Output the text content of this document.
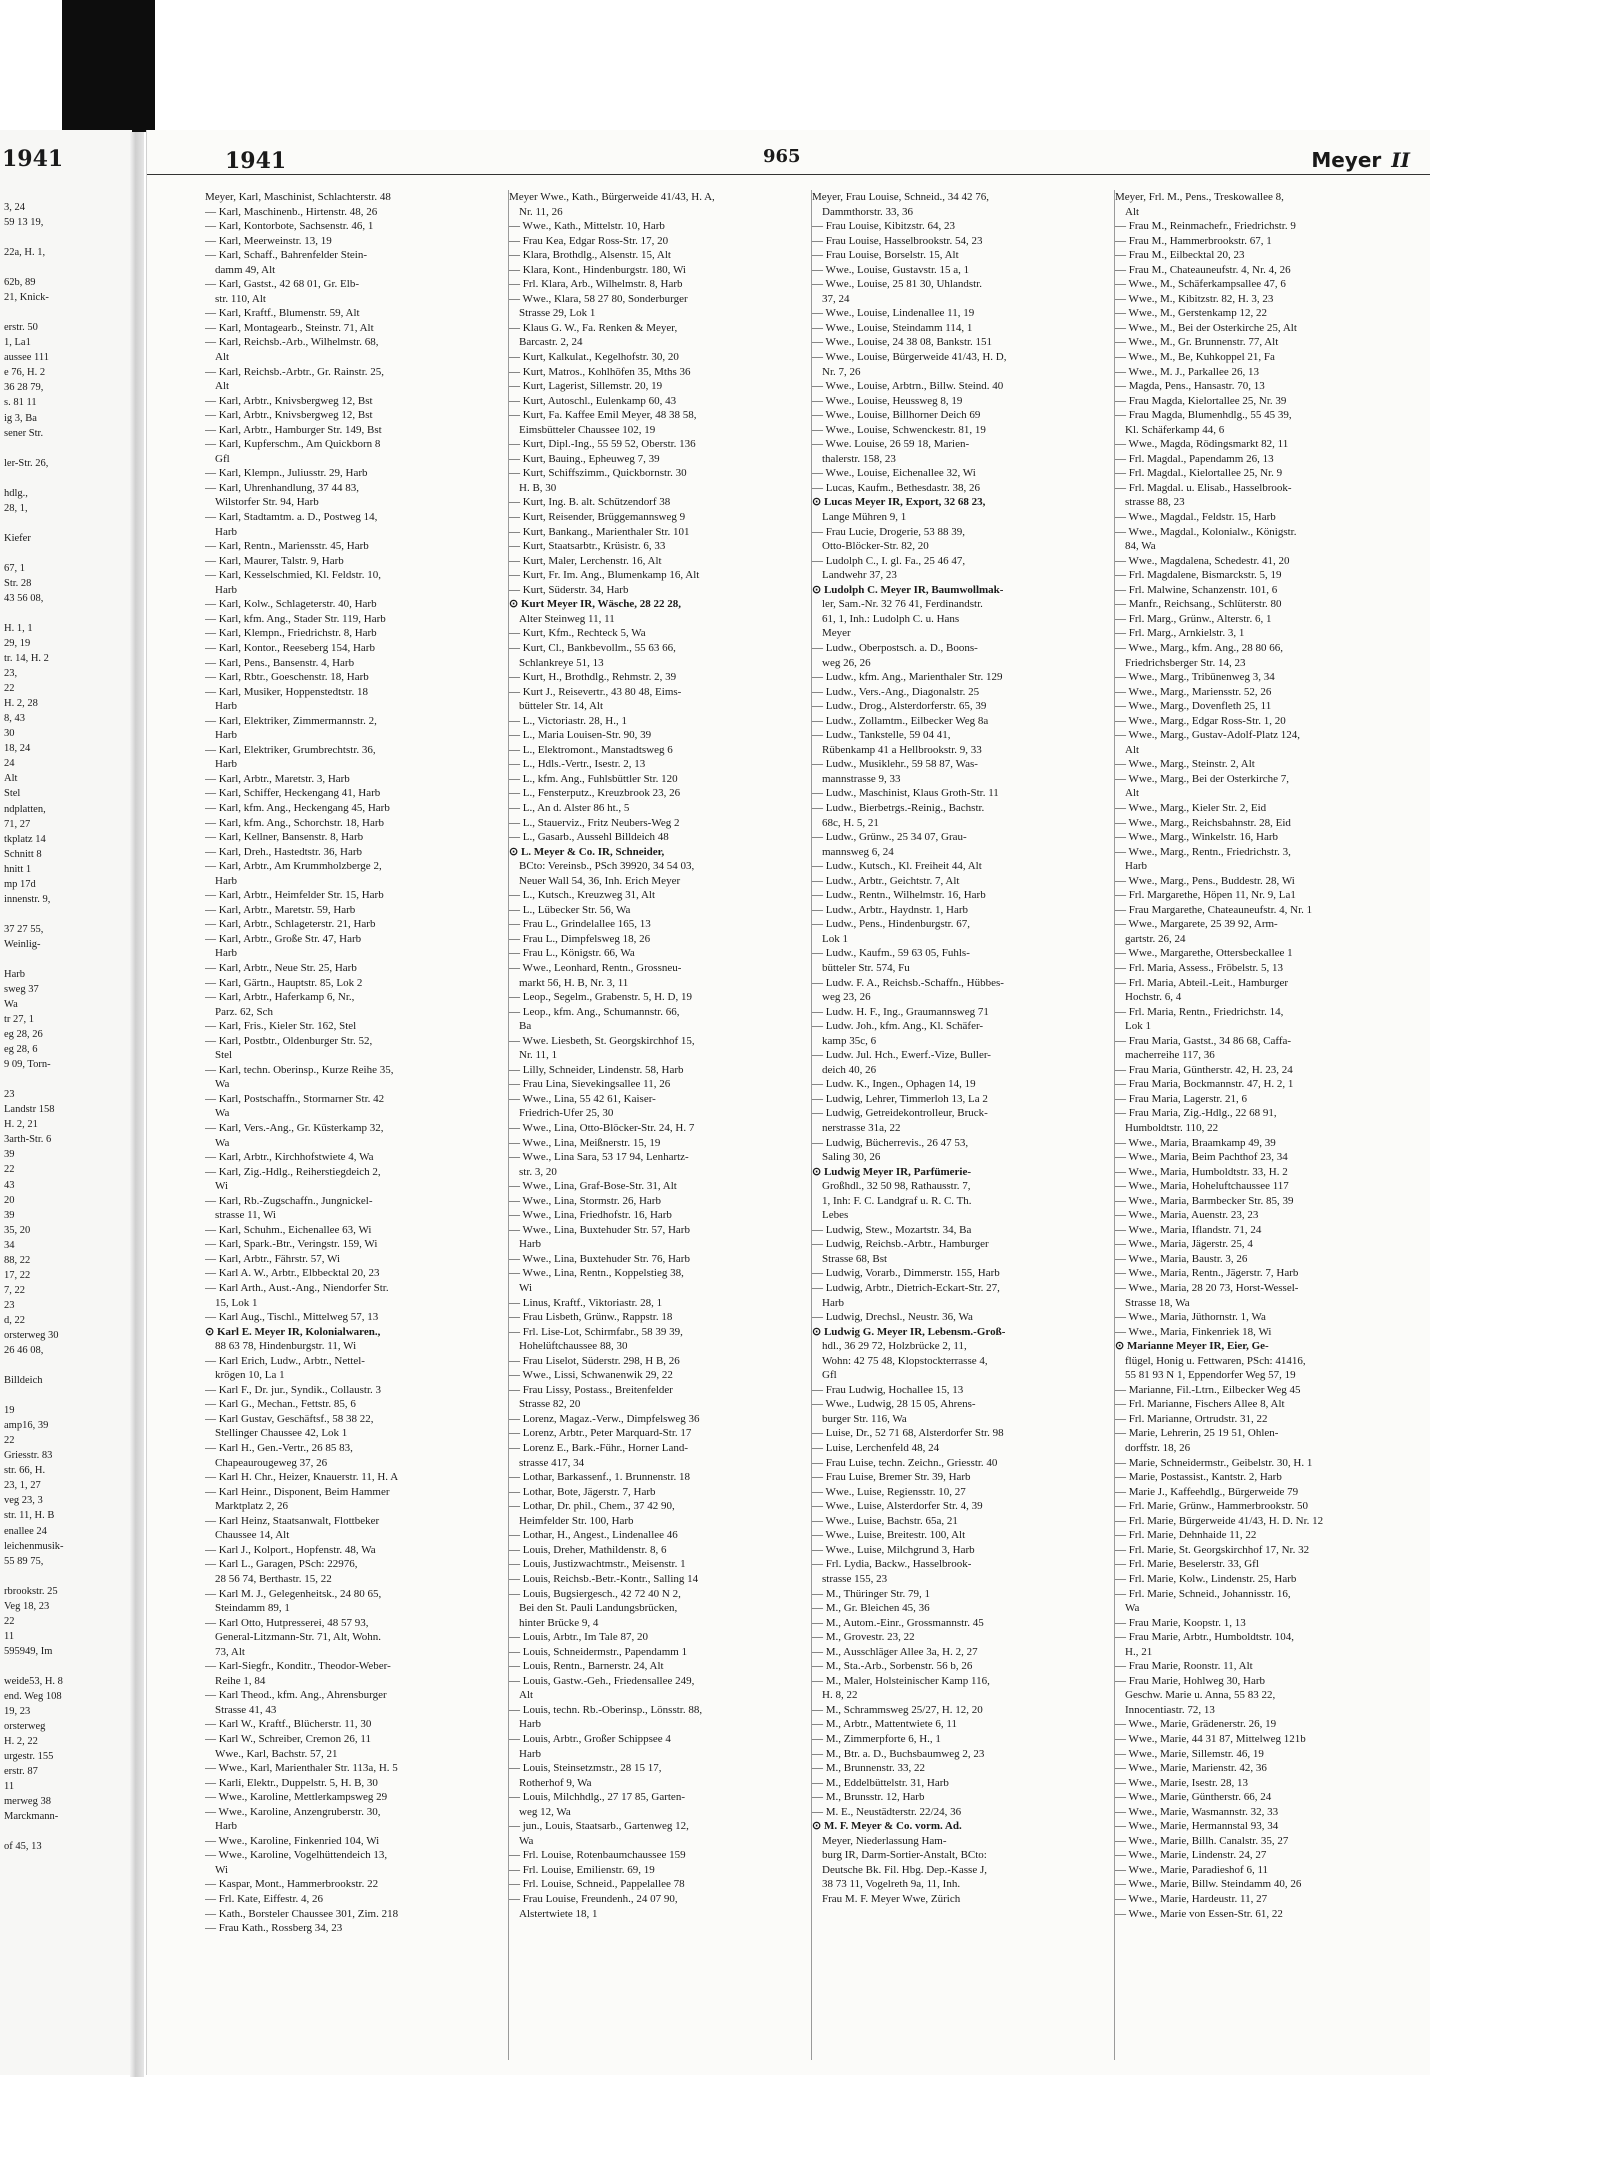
1941
3, 24
59 13 19,
22a, H. 1,
62b, 89
21, Knick-
erstr. 50
1, La1
aussee 111
e 76, H. 2
36 28 79,
s. 81 11
ig 3, Ba
sener Str.
ler-Str. 26,
hdlg.,
28, 1,
Kiefer
67, 1
Str. 28
43 56 08,
H. 1, 1
29, 19
tr. 14, H. 2
23,
22
H. 2, 28
8, 43
30
18, 24
24
Alt
Stel
ndplatten,
71, 27
tkplatz 14
Schnitt 8
hnitt 1
mp 17d
innenstr. 9,
37 27 55,
Weinlig-
Harb
sweg 37
Wa
tr 27, 1
eg 28, 26
eg 28, 6
9 09, Torn-
23
Landstr 158
H. 2, 21
3arth-Str. 6
39
22
43
20
39
35, 20
34
88, 22
17, 22
7, 22
23
d, 22
orsterweg 30
26 46 08,
Billdeich
19
amp16, 39
22
Griesstr. 83
str. 66, H.
23, 1, 27
veg 23, 3
str. 11, H. B
enallee 24
leichenmusik-
55 89 75,
rbrookstr. 25
Veg 18, 23
22
11
595949, Im
weide53, H. 8
end. Weg 108
19, 23
orsterweg
H. 2, 22
urgestr. 155
erstr. 87
11
merweg 38
Marckmann-
of 45, 13
1941	965	Meyer II
Meyer, Karl, Maschinist, Schlachterstr. 48
— Karl, Maschinenb., Hirtenstr. 48, 26
— Karl, Kontorbote, Sachsenstr. 46, 1
— Karl, Meerweinstr. 13, 19
— Karl, Schaff., Bahrenfelder Stein-
damm 49, Alt
— Karl, Gastst., 42 68 01, Gr. Elb-
str. 110, Alt
— Karl, Kraftf., Blumenstr. 59, Alt
— Karl, Montagearb., Steinstr. 71, Alt
— Karl, Reichsb.-Arb., Wilhelmstr. 68,
Alt
— Karl, Reichsb.-Arbtr., Gr. Rainstr. 25,
Alt
— Karl, Arbtr., Knivsbergweg 12, Bst
— Karl, Arbtr., Knivsbergweg 12, Bst
— Karl, Arbtr., Hamburger Str. 149, Bst
— Karl, Kupferschm., Am Quickborn 8
Gfl
— Karl, Klempn., Juliusstr. 29, Harb
— Karl, Uhrenhandlung, 37 44 83,
Wilstorfer Str. 94, Harb
— Karl, Stadtamtm. a. D., Postweg 14,
Harb
— Karl, Rentn., Mariensstr. 45, Harb
— Karl, Maurer, Talstr. 9, Harb
— Karl, Kesselschmied, Kl. Feldstr. 10,
Harb
— Karl, Kolw., Schlageterstr. 40, Harb
— Karl, kfm. Ang., Stader Str. 119, Harb
— Karl, Klempn., Friedrichstr. 8, Harb
— Karl, Kontor., Reeseberg 154, Harb
— Karl, Pens., Bansenstr. 4, Harb
— Karl, Rbtr., Goeschenstr. 18, Harb
— Karl, Musiker, Hoppenstedtstr. 18
Harb
— Karl, Elektriker, Zimmermannstr. 2,
Harb
— Karl, Elektriker, Grumbrechtstr. 36,
Harb
— Karl, Arbtr., Maretstr. 3, Harb
— Karl, Schiffer, Heckengang 41, Harb
— Karl, kfm. Ang., Heckengang 45, Harb
— Karl, kfm. Ang., Schorchstr. 18, Harb
— Karl, Kellner, Bansenstr. 8, Harb
— Karl, Dreh., Hastedtstr. 36, Harb
— Karl, Arbtr., Am Krummholzberge 2,
Harb
— Karl, Arbtr., Heimfelder Str. 15, Harb
— Karl, Arbtr., Maretstr. 59, Harb
— Karl, Arbtr., Schlageterstr. 21, Harb
— Karl, Arbtr., Große Str. 47, Harb
Harb
— Karl, Arbtr., Neue Str. 25, Harb
— Karl, Gärtn., Hauptstr. 85, Lok 2
— Karl, Arbtr., Haferkamp 6, Nr.,
Parz. 62, Sch
— Karl, Fris., Kieler Str. 162, Stel
— Karl, Postbtr., Oldenburger Str. 52,
Stel
— Karl, techn. Oberinsp., Kurze Reihe 35,
Wa
— Karl, Postschaffn., Stormarner Str. 42
Wa
— Karl, Vers.-Ang., Gr. Küsterkamp 32,
Wa
— Karl, Arbtr., Kirchhofstwiete 4, Wa
— Karl, Zig.-Hdlg., Reiherstiegdeich 2,
Wi
— Karl, Rb.-Zugschaffn., Jungnickel-
strasse 11, Wi
— Karl, Schuhm., Eichenallee 63, Wi
— Karl, Spark.-Btr., Veringstr. 159, Wi
— Karl, Arbtr., Fährstr. 57, Wi
— Karl A. W., Arbtr., Elbbecktal 20, 23
— Karl Arth., Aust.-Ang., Niendorfer Str.
15, Lok 1
— Karl Aug., Tischl., Mittelweg 57, 13
⊙ Karl E. Meyer IR, Kolonialwaren.,
88 63 78, Hindenburgstr. 11, Wi
— Karl Erich, Ludw., Arbtr., Nettel-
krögen 10, La 1
— Karl F., Dr. jur., Syndik., Collaustr. 3
— Karl G., Mechan., Fettstr. 85, 6
— Karl Gustav, Geschäftsf., 58 38 22,
Stellinger Chaussee 42, Lok 1
— Karl H., Gen.-Vertr., 26 85 83,
Chapeaurougeweg 37, 26
— Karl H. Chr., Heizer, Knauerstr. 11, H. A
— Karl Heinr., Disponent, Beim Hammer
Marktplatz 2, 26
— Karl Heinz, Staatsanwalt, Flottbeker
Chaussee 14, Alt
— Karl J., Kolport., Hopfenstr. 48, Wa
— Karl L., Garagen, PSch: 22976,
28 56 74, Berthastr. 15, 22
— Karl M. J., Gelegenheitsk., 24 80 65,
Steindamm 89, 1
— Karl Otto, Hutpresserei, 48 57 93,
General-Litzmann-Str. 71, Alt, Wohn.
73, Alt
— Karl-Siegfr., Konditr., Theodor-Weber-
Reihe 1, 84
— Karl Theod., kfm. Ang., Ahrensburger
Strasse 41, 43
— Karl W., Kraftf., Blücherstr. 11, 30
— Karl W., Schreiber, Cremon 26, 11
Wwe., Karl, Bachstr. 57, 21
— Wwe., Karl, Marienthaler Str. 113a, H. 5
— Karli, Elektr., Duppelstr. 5, H. B, 30
— Wwe., Karoline, Mettlerkampsweg 29
— Wwe., Karoline, Anzengruberstr. 30,
Harb
— Wwe., Karoline, Finkenried 104, Wi
— Wwe., Karoline, Vogelhüttendeich 13,
Wi
— Kaspar, Mont., Hammerbrookstr. 22
— Frl. Kate, Eiffestr. 4, 26
— Kath., Borsteler Chaussee 301, Zim. 218
— Frau Kath., Rossberg 34, 23
Meyer Wwe., Kath., Bürgerweide 41/43, H. A,
Nr. 11, 26
— Wwe., Kath., Mittelstr. 10, Harb
— Frau Kea, Edgar Ross-Str. 17, 20
— Klara, Brothdlg., Alsenstr. 15, Alt
— Klara, Kont., Hindenburgstr. 180, Wi
— Frl. Klara, Arb., Wilhelmstr. 8, Harb
— Wwe., Klara, 58 27 80, Sonderburger
Strasse 29, Lok 1
— Klaus G. W., Fa. Renken & Meyer,
Barcastr. 2, 24
— Kurt, Kalkulat., Kegelhofstr. 30, 20
— Kurt, Matros., Kohlhöfen 35, Mths 36
— Kurt, Lagerist, Sillemstr. 20, 19
— Kurt, Autoschl., Eulenkamp 60, 43
— Kurt, Fa. Kaffee Emil Meyer, 48 38 58,
Eimsbütteler Chaussee 102, 19
— Kurt, Dipl.-Ing., 55 59 52, Oberstr. 136
— Kurt, Bauing., Epheuweg 7, 39
— Kurt, Schiffszimm., Quickbornstr. 30
H. B, 30
— Kurt, Ing. B. alt. Schützendorf 38
— Kurt, Reisender, Brüggemannsweg 9
— Kurt, Bankang., Marienthaler Str. 101
— Kurt, Staatsarbtr., Krüsistr. 6, 33
— Kurt, Maler, Lerchenstr. 16, Alt
— Kurt, Fr. Im. Ang., Blumenkamp 16, Alt
— Kurt, Süderstr. 34, Harb
⊙ Kurt Meyer IR, Wäsche, 28 22 28,
Alter Steinweg 11, 11
— Kurt, Kfm., Rechteck 5, Wa
— Kurt, Cl., Bankbevollm., 55 63 66,
Schlankreye 51, 13
— Kurt, H., Brothdlg., Rehmstr. 2, 39
— Kurt J., Reisevertr., 43 80 48, Eims-
bütteler Str. 14, Alt
— L., Victoriastr. 28, H., 1
— L., Maria Louisen-Str. 90, 39
— L., Elektromont., Manstadtsweg 6
— L., Hdls.-Vertr., Isestr. 2, 13
— L., kfm. Ang., Fuhlsbüttler Str. 120
— L., Fensterputz., Kreuzbrook 23, 26
— L., An d. Alster 86 ht., 5
— L., Stauerviz., Fritz Neubers-Weg 2
— L., Gasarb., Aussehl Billdeich 48
⊙ L. Meyer & Co. IR, Schneider,
BCto: Vereinsb., PSch 39920, 34 54 03,
Neuer Wall 54, 36, Inh. Erich Meyer
— L., Kutsch., Kreuzweg 31, Alt
— L., Lübecker Str. 56, Wa
— Frau L., Grindelallee 165, 13
— Frau L., Dimpfelsweg 18, 26
— Frau L., Königstr. 66, Wa
— Wwe., Leonhard, Rentn., Grossneu-
markt 56, H. B, Nr. 3, 11
— Leop., Segelm., Grabenstr. 5, H. D, 19
— Leop., kfm. Ang., Schumannstr. 66,
Ba
— Wwe. Liesbeth, St. Georgskirchhof 15,
Nr. 11, 1
— Lilly, Schneider, Lindenstr. 58, Harb
— Frau Lina, Sievekingsallee 11, 26
— Wwe., Lina, 55 42 61, Kaiser-
Friedrich-Ufer 25, 30
— Wwe., Lina, Otto-Blöcker-Str. 24, H. 7
— Wwe., Lina, Meißnerstr. 15, 19
— Wwe., Lina Sara, 53 17 94, Lenhartz-
str. 3, 20
— Wwe., Lina, Graf-Bose-Str. 31, Alt
— Wwe., Lina, Stormstr. 26, Harb
— Wwe., Lina, Friedhofstr. 16, Harb
— Wwe., Lina, Buxtehuder Str. 57, Harb
Harb
— Wwe., Lina, Buxtehuder Str. 76, Harb
— Wwe., Lina, Rentn., Koppelstieg 38,
Wi
— Linus, Kraftf., Viktoriastr. 28, 1
— Frau Lisbeth, Grünw., Rappstr. 18
— Frl. Lise-Lot, Schirmfabr., 58 39 39,
Hohelüftchaussee 88, 30
— Frau Liselot, Süderstr. 298, H B, 26
— Wwe., Lissi, Schwanenwik 29, 22
— Frau Lissy, Postass., Breitenfelder
Strasse 82, 20
— Lorenz, Magaz.-Verw., Dimpfelsweg 36
— Lorenz, Arbtr., Peter Marquard-Str. 17
— Lorenz E., Bark.-Führ., Horner Land-
strasse 417, 34
— Lothar, Barkassenf., 1. Brunnenstr. 18
— Lothar, Bote, Jägerstr. 7, Harb
— Lothar, Dr. phil., Chem., 37 42 90,
Heimfelder Str. 100, Harb
— Lothar, H., Angest., Lindenallee 46
— Louis, Dreher, Mathildenstr. 8, 6
— Louis, Justizwachtmstr., Meisenstr. 1
— Louis, Reichsb.-Betr.-Kontr., Salling 14
— Louis, Bugsiergesch., 42 72 40 N 2,
Bei den St. Pauli Landungsbrücken,
hinter Brücke 9, 4
— Louis, Arbtr., Im Tale 87, 20
— Louis, Schneidermstr., Papendamm 1
— Louis, Rentn., Barnerstr. 24, Alt
— Louis, Gastw.-Geh., Friedensallee 249,
Alt
— Louis, techn. Rb.-Oberinsp., Lönsstr. 88,
Harb
— Louis, Arbtr., Großer Schippsee 4
Harb
— Louis, Steinsetzmstr., 28 15 17,
Rotherhof 9, Wa
— Louis, Milchhdlg., 27 17 85, Garten-
weg 12, Wa
— jun., Louis, Staatsarb., Gartenweg 12,
Wa
— Frl. Louise, Rotenbaumchaussee 159
— Frl. Louise, Emilienstr. 69, 19
— Frl. Louise, Schneid., Pappelallee 78
— Frau Louise, Freundenh., 24 07 90,
Alstertwiete 18, 1
Meyer, Frau Louise, Schneid., 34 42 76,
Dammthorstr. 33, 36
— Frau Louise, Kibitzstr. 64, 23
— Frau Louise, Hasselbrookstr. 54, 23
— Frau Louise, Borselstr. 15, Alt
— Wwe., Louise, Gustavstr. 15 a, 1
— Wwe., Louise, 25 81 30, Uhlandstr.
37, 24
— Wwe., Louise, Lindenallee 11, 19
— Wwe., Louise, Steindamm 114, 1
— Wwe., Louise, 24 38 08, Bankstr. 151
— Wwe., Louise, Bürgerweide 41/43, H. D,
Nr. 7, 26
— Wwe., Louise, Arbtrn., Billw. Steind. 40
— Wwe., Louise, Heussweg 8, 19
— Wwe., Louise, Billhorner Deich 69
— Wwe., Louise, Schwenckestr. 81, 19
— Wwe. Louise, 26 59 18, Marien-
thalerstr. 158, 23
— Wwe., Louise, Eichenallee 32, Wi
— Lucas, Kaufm., Bethesdastr. 38, 26
⊙ Lucas Meyer IR, Export, 32 68 23,
Lange Mühren 9, 1
— Frau Lucie, Drogerie, 53 88 39,
Otto-Blöcker-Str. 82, 20
— Ludolph C., I. gl. Fa., 25 46 47,
Landwehr 37, 23
⊙ Ludolph C. Meyer IR, Baumwollmak-
ler, Sam.-Nr. 32 76 41, Ferdinandstr.
61, 1, Inh.: Ludolph C. u. Hans
Meyer
— Ludw., Oberpostsch. a. D., Boons-
weg 26, 26
— Ludw., kfm. Ang., Marienthaler Str. 129
— Ludw., Vers.-Ang., Diagonalstr. 25
— Ludw., Drog., Alsterdorferstr. 65, 39
— Ludw., Zollamtm., Eilbecker Weg 8a
— Ludw., Tankstelle, 59 04 41,
Rübenkamp 41 a Hellbrookstr. 9, 33
— Ludw., Musiklehr., 59 58 87, Was-
mannstrasse 9, 33
— Ludw., Maschinist, Klaus Groth-Str. 11
— Ludw., Bierbetrgs.-Reinig., Bachstr.
68c, H. 5, 21
— Ludw., Grünw., 25 34 07, Grau-
mannsweg 6, 24
— Ludw., Kutsch., Kl. Freiheit 44, Alt
— Ludw., Arbtr., Geichtstr. 7, Alt
— Ludw., Rentn., Wilhelmstr. 16, Harb
— Ludw., Arbtr., Haydnstr. 1, Harb
— Ludw., Pens., Hindenburgstr. 67,
Lok 1
— Ludw., Kaufm., 59 63 05, Fuhls-
bütteler Str. 574, Fu
— Ludw. F. A., Reichsb.-Schaffn., Hübbes-
weg 23, 26
— Ludw. H. F., Ing., Graumannsweg 71
— Ludw. Joh., kfm. Ang., Kl. Schäfer-
kamp 35c, 6
— Ludw. Jul. Hch., Ewerf.-Vize, Buller-
deich 40, 26
— Ludw. K., Ingen., Ophagen 14, 19
— Ludwig, Lehrer, Timmerloh 13, La 2
— Ludwig, Getreidekontrolleur, Bruck-
nerstrasse 31a, 22
— Ludwig, Bücherrevis., 26 47 53,
Saling 30, 26
⊙ Ludwig Meyer IR, Parfümerie-
Großhdl., 32 50 98, Rathausstr. 7,
1, Inh: F. C. Landgraf u. R. C. Th.
Lebes
— Ludwig, Stew., Mozartstr. 34, Ba
— Ludwig, Reichsb.-Arbtr., Hamburger
Strasse 68, Bst
— Ludwig, Vorarb., Dimmerstr. 155, Harb
— Ludwig, Arbtr., Dietrich-Eckart-Str. 27,
Harb
— Ludwig, Drechsl., Neustr. 36, Wa
⊙ Ludwig G. Meyer IR, Lebensm.-Groß-
hdl., 36 29 72, Holzbrücke 2, 11,
Wohn: 42 75 48, Klopstockterrasse 4,
Gfl
— Frau Ludwig, Hochallee 15, 13
— Wwe., Ludwig, 28 15 05, Ahrens-
burger Str. 116, Wa
— Luise, Dr., 52 71 68, Alsterdorfer Str. 98
— Luise, Lerchenfeld 48, 24
— Frau Luise, techn. Zeichn., Griesstr. 40
— Frau Luise, Bremer Str. 39, Harb
— Wwe., Luise, Regiensstr. 10, 27
— Wwe., Luise, Alsterdorfer Str. 4, 39
— Wwe., Luise, Bachstr. 65a, 21
— Wwe., Luise, Breitestr. 100, Alt
— Wwe., Luise, Milchgrund 3, Harb
— Frl. Lydia, Backw., Hasselbrook-
strasse 155, 23
— M., Thüringer Str. 79, 1
— M., Gr. Bleichen 45, 36
— M., Autom.-Einr., Grossmannstr. 45
— M., Grovestr. 23, 22
— M., Ausschläger Allee 3a, H. 2, 27
— M., Sta.-Arb., Sorbenstr. 56 b, 26
— M., Maler, Holsteinischer Kamp 116,
H. 8, 22
— M., Schrammsweg 25/27, H. 12, 20
— M., Arbtr., Mattentwiete 6, 11
— M., Zimmerpforte 6, H., 1
— M., Btr. a. D., Buchsbaumweg 2, 23
— M., Brunnenstr. 33, 22
— M., Eddelbüttelstr. 31, Harb
— M., Brunsstr. 12, Harb
— M. E., Neustädterstr. 22/24, 36
⊙ M. F. Meyer & Co. vorm. Ad.
Meyer, Niederlassung Ham-
burg IR, Darm-Sortier-Anstalt, BCto:
Deutsche Bk. Fil. Hbg. Dep.-Kasse J,
38 73 11, Vogelreth 9a, 11, Inh.
Frau M. F. Meyer Wwe, Zürich
Meyer, Frl. M., Pens., Treskowallee 8,
Alt
— Frau M., Reinmachefr., Friedrichstr. 9
— Frau M., Hammerbrookstr. 67, 1
— Frau M., Eilbecktal 20, 23
— Frau M., Chateauneufstr. 4, Nr. 4, 26
— Wwe., M., Schäferkampsallee 47, 6
— Wwe., M., Kibitzstr. 82, H. 3, 23
— Wwe., M., Gerstenkamp 12, 22
— Wwe., M., Bei der Osterkirche 25, Alt
— Wwe., M., Gr. Brunnenstr. 77, Alt
— Wwe., M., Be, Kuhkoppel 21, Fa
— Wwe., M. J., Parkallee 26, 13
— Magda, Pens., Hansastr. 70, 13
— Frau Magda, Kielortallee 25, Nr. 39
— Frau Magda, Blumenhdlg., 55 45 39,
Kl. Schäferkamp 44, 6
— Wwe., Magda, Rödingsmarkt 82, 11
— Frl. Magdal., Papendamm 26, 13
— Frl. Magdal., Kielortallee 25, Nr. 9
— Frl. Magdal. u. Elisab., Hasselbrook-
strasse 88, 23
— Wwe., Magdal., Feldstr. 15, Harb
— Wwe., Magdal., Kolonialw., Königstr.
84, Wa
— Wwe., Magdalena, Schedestr. 41, 20
— Frl. Magdalene, Bismarckstr. 5, 19
— Frl. Malwine, Schanzenstr. 101, 6
— Manfr., Reichsang., Schlüterstr. 80
— Frl. Marg., Grünw., Alterstr. 6, 1
— Frl. Marg., Arnkielstr. 3, 1
— Wwe., Marg., kfm. Ang., 28 80 66,
Friedrichsberger Str. 14, 23
— Wwe., Marg., Tribünenweg 3, 34
— Wwe., Marg., Mariensstr. 52, 26
— Wwe., Marg., Dovenfleth 25, 11
— Wwe., Marg., Edgar Ross-Str. 1, 20
— Wwe., Marg., Gustav-Adolf-Platz 124,
Alt
— Wwe., Marg., Steinstr. 2, Alt
— Wwe., Marg., Bei der Osterkirche 7,
Alt
— Wwe., Marg., Kieler Str. 2, Eid
— Wwe., Marg., Reichsbahnstr. 28, Eid
— Wwe., Marg., Winkelstr. 16, Harb
— Wwe., Marg., Rentn., Friedrichstr. 3,
Harb
— Wwe., Marg., Pens., Buddestr. 28, Wi
— Frl. Margarethe, Höpen 11, Nr. 9, La1
— Frau Margarethe, Chateauneufstr. 4, Nr. 1
— Wwe., Margarete, 25 39 92, Arm-
gartstr. 26, 24
— Wwe., Margarethe, Ottersbeckallee 1
— Frl. Maria, Assess., Fröbelstr. 5, 13
— Frl. Maria, Abteil.-Leit., Hamburger
Hochstr. 6, 4
— Frl. Maria, Rentn., Friedrichstr. 14,
Lok 1
— Frau Maria, Gastst., 34 86 68, Caffa-
macherreihe 117, 36
— Frau Maria, Güntherstr. 42, H. 23, 24
— Frau Maria, Bockmannstr. 47, H. 2, 1
— Frau Maria, Lagerstr. 21, 6
— Frau Maria, Zig.-Hdlg., 22 68 91,
Humboldtstr. 110, 22
— Wwe., Maria, Braamkamp 49, 39
— Wwe., Maria, Beim Pachthof 23, 34
— Wwe., Maria, Humboldtstr. 33, H. 2
— Wwe., Maria, Hoheluftchaussee 117
— Wwe., Maria, Barmbecker Str. 85, 39
— Wwe., Maria, Auenstr. 23, 23
— Wwe., Maria, Iflandstr. 71, 24
— Wwe., Maria, Jägerstr. 25, 4
— Wwe., Maria, Baustr. 3, 26
— Wwe., Maria, Rentn., Jägerstr. 7, Harb
— Wwe., Maria, 28 20 73, Horst-Wessel-
Strasse 18, Wa
— Wwe., Maria, Jüthornstr. 1, Wa
— Wwe., Maria, Finkenriek 18, Wi
⊙ Marianne Meyer IR, Eier, Ge-
flügel, Honig u. Fettwaren, PSch: 41416,
55 81 93 N 1, Eppendorfer Weg 57, 19
— Marianne, Fil.-Ltrn., Eilbecker Weg 45
— Frl. Marianne, Fischers Allee 8, Alt
— Frl. Marianne, Ortrudstr. 31, 22
— Marie, Lehrerin, 25 19 51, Ohlen-
dorffstr. 18, 26
— Marie, Schneidermstr., Geibelstr. 30, H. 1
— Marie, Postassist., Kantstr. 2, Harb
— Marie J., Kaffeehdlg., Bürgerweide 79
— Frl. Marie, Grünw., Hammerbrookstr. 50
— Frl. Marie, Bürgerweide 41/43, H. D. Nr. 12
— Frl. Marie, Dehnhaide 11, 22
— Frl. Marie, St. Georgskirchhof 17, Nr. 32
— Frl. Marie, Beselerstr. 33, Gfl
— Frl. Marie, Kolw., Lindenstr. 25, Harb
— Frl. Marie, Schneid., Johannisstr. 16,
Wa
— Frau Marie, Koopstr. 1, 13
— Frau Marie, Arbtr., Humboldtstr. 104,
H., 21
— Frau Marie, Roonstr. 11, Alt
— Frau Marie, Hohlweg 30, Harb
Geschw. Marie u. Anna, 55 83 22,
Innocentiastr. 72, 13
— Wwe., Marie, Grädenerstr. 26, 19
— Wwe., Marie, 44 31 87, Mittelweg 121b
— Wwe., Marie, Sillemstr. 46, 19
— Wwe., Marie, Marienstr. 42, 36
— Wwe., Marie, Isestr. 28, 13
— Wwe., Marie, Güntherstr. 66, 24
— Wwe., Marie, Wasmannstr. 32, 33
— Wwe., Marie, Hermannstal 93, 34
— Wwe., Marie, Billh. Canalstr. 35, 27
— Wwe., Marie, Lindenstr. 24, 27
— Wwe., Marie, Paradieshof 6, 11
— Wwe., Marie, Billw. Steindamm 40, 26
— Wwe., Marie, Hardeustr. 11, 27
— Wwe., Marie von Essen-Str. 61, 22
